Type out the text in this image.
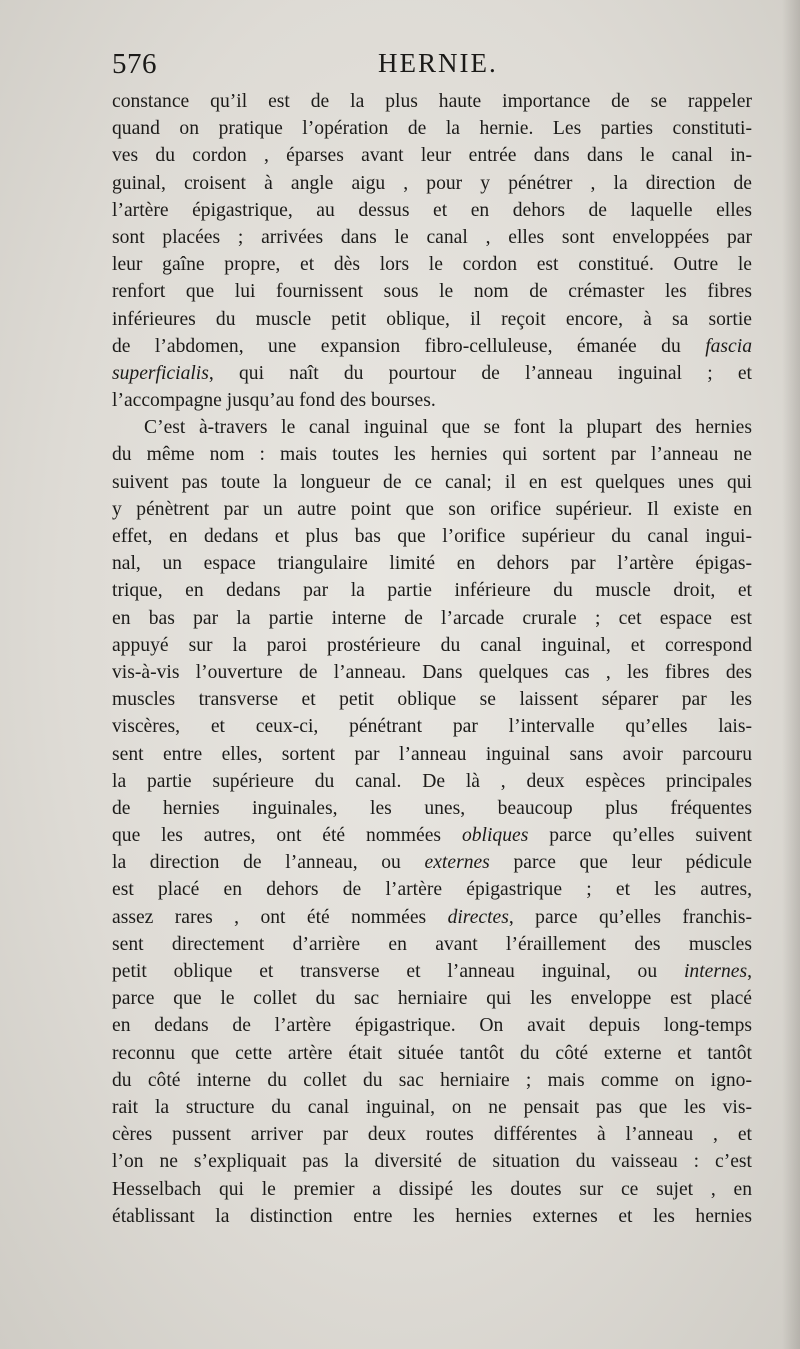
576	HERNIE.
constance qu’il est de la plus haute importance de se rappeler
quand on pratique l’opération de la hernie. Les parties constituti-
ves du cordon , éparses avant leur entrée dans dans le canal in-
guinal, croisent à angle aigu , pour y pénétrer , la direction de
l’artère épigastrique, au dessus et en dehors de laquelle elles
sont placées ; arrivées dans le canal , elles sont enveloppées par
leur gaîne propre, et dès lors le cordon est constitué. Outre le
renfort que lui fournissent sous le nom de crémaster les fibres
inférieures du muscle petit oblique, il reçoit encore, à sa sortie
de l’abdomen, une expansion fibro-celluleuse, émanée du fascia
superficialis, qui naît du pourtour de l’anneau inguinal ; et
l’accompagne jusqu’au fond des bourses.
C’est à-travers le canal inguinal que se font la plupart des hernies
du même nom : mais toutes les hernies qui sortent par l’anneau ne
suivent pas toute la longueur de ce canal; il en est quelques unes qui
y pénètrent par un autre point que son orifice supérieur. Il existe en
effet, en dedans et plus bas que l’orifice supérieur du canal ingui-
nal, un espace triangulaire limité en dehors par l’artère épigas-
trique, en dedans par la partie inférieure du muscle droit, et
en bas par la partie interne de l’arcade crurale ; cet espace est
appuyé sur la paroi prostérieure du canal inguinal, et correspond
vis-à-vis l’ouverture de l’anneau. Dans quelques cas , les fibres des
muscles transverse et petit oblique se laissent séparer par les
viscères, et ceux-ci, pénétrant par l’intervalle qu’elles lais-
sent entre elles, sortent par l’anneau inguinal sans avoir parcouru
la partie supérieure du canal. De là , deux espèces principales
de hernies inguinales, les unes, beaucoup plus fréquentes
que les autres, ont été nommées obliques parce qu’elles suivent
la direction de l’anneau, ou externes parce que leur pédicule
est placé en dehors de l’artère épigastrique ; et les autres,
assez rares , ont été nommées directes, parce qu’elles franchis-
sent directement d’arrière en avant l’éraillement des muscles
petit oblique et transverse et l’anneau inguinal, ou internes,
parce que le collet du sac herniaire qui les enveloppe est placé
en dedans de l’artère épigastrique. On avait depuis long-temps
reconnu que cette artère était située tantôt du côté externe et tantôt
du côté interne du collet du sac herniaire ; mais comme on igno-
rait la structure du canal inguinal, on ne pensait pas que les vis-
cères pussent arriver par deux routes différentes à l’anneau , et
l’on ne s’expliquait pas la diversité de situation du vaisseau : c’est
Hesselbach qui le premier a dissipé les doutes sur ce sujet , en
établissant la distinction entre les hernies externes et les hernies
